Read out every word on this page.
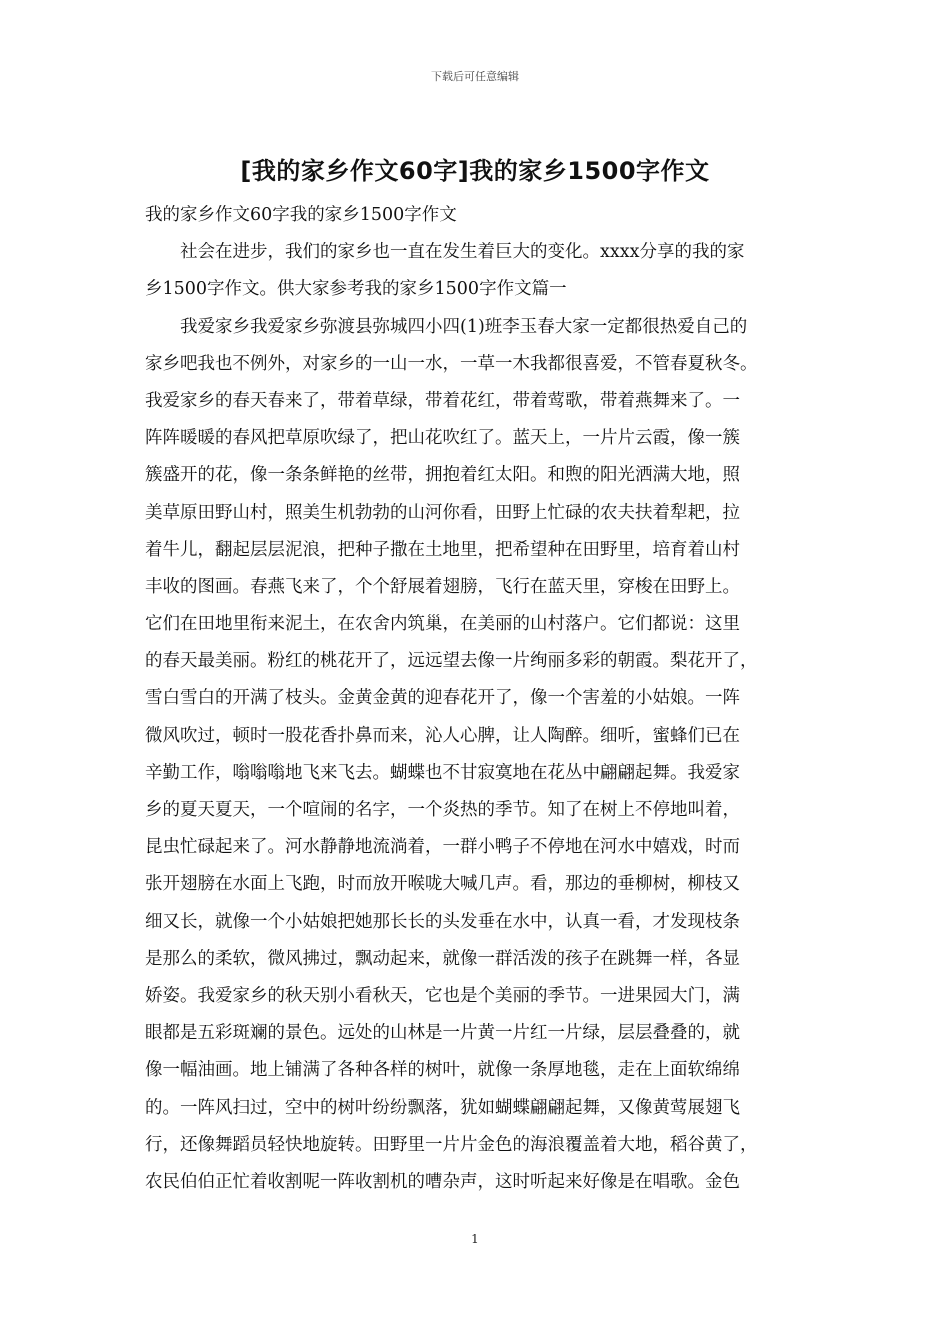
下载后可任意编辑
[我的家乡作文60字]我的家乡1500字作文
我的家乡作文60字我的家乡1500字作文
　　社会在进步，我们的家乡也一直在发生着巨大的变化。xxxx分享的我的家
乡1500字作文。供大家参考我的家乡1500字作文篇一
　　我爱家乡我爱家乡弥渡县弥城四小四(1)班李玉春大家一定都很热爱自己的
家乡吧我也不例外，对家乡的一山一水，一草一木我都很喜爱，不管春夏秋冬。
我爱家乡的春天春来了，带着草绿，带着花红，带着莺歌，带着燕舞来了。一
阵阵暖暖的春风把草原吹绿了，把山花吹红了。蓝天上，一片片云霞，像一簇
簇盛开的花，像一条条鲜艳的丝带，拥抱着红太阳。和煦的阳光洒满大地，照
美草原田野山村，照美生机勃勃的山河你看，田野上忙碌的农夫扶着犁耙，拉
着牛儿，翻起层层泥浪，把种子撒在土地里，把希望种在田野里，培育着山村
丰收的图画。春燕飞来了，个个舒展着翅膀，飞行在蓝天里，穿梭在田野上。
它们在田地里衔来泥土，在农舍内筑巢，在美丽的山村落户。它们都说：这里
的春天最美丽。粉红的桃花开了，远远望去像一片绚丽多彩的朝霞。梨花开了，
雪白雪白的开满了枝头。金黄金黄的迎春花开了，像一个害羞的小姑娘。一阵
微风吹过，顿时一股花香扑鼻而来，沁人心脾，让人陶醉。细听，蜜蜂们已在
辛勤工作，嗡嗡嗡地飞来飞去。蝴蝶也不甘寂寞地在花丛中翩翩起舞。我爱家
乡的夏天夏天，一个喧闹的名字，一个炎热的季节。知了在树上不停地叫着，
昆虫忙碌起来了。河水静静地流淌着，一群小鸭子不停地在河水中嬉戏，时而
张开翅膀在水面上飞跑，时而放开喉咙大喊几声。看，那边的垂柳树，柳枝又
细又长，就像一个小姑娘把她那长长的头发垂在水中，认真一看，才发现枝条
是那么的柔软，微风拂过，飘动起来，就像一群活泼的孩子在跳舞一样，各显
娇姿。我爱家乡的秋天别小看秋天，它也是个美丽的季节。一进果园大门，满
眼都是五彩斑斓的景色。远处的山林是一片黄一片红一片绿，层层叠叠的，就
像一幅油画。地上铺满了各种各样的树叶，就像一条厚地毯，走在上面软绵绵
的。一阵风扫过，空中的树叶纷纷飘落，犹如蝴蝶翩翩起舞，又像黄莺展翅飞
行，还像舞蹈员轻快地旋转。田野里一片片金色的海浪覆盖着大地，稻谷黄了，
农民伯伯正忙着收割呢一阵收割机的嘈杂声，这时听起来好像是在唱歌。金色
1
